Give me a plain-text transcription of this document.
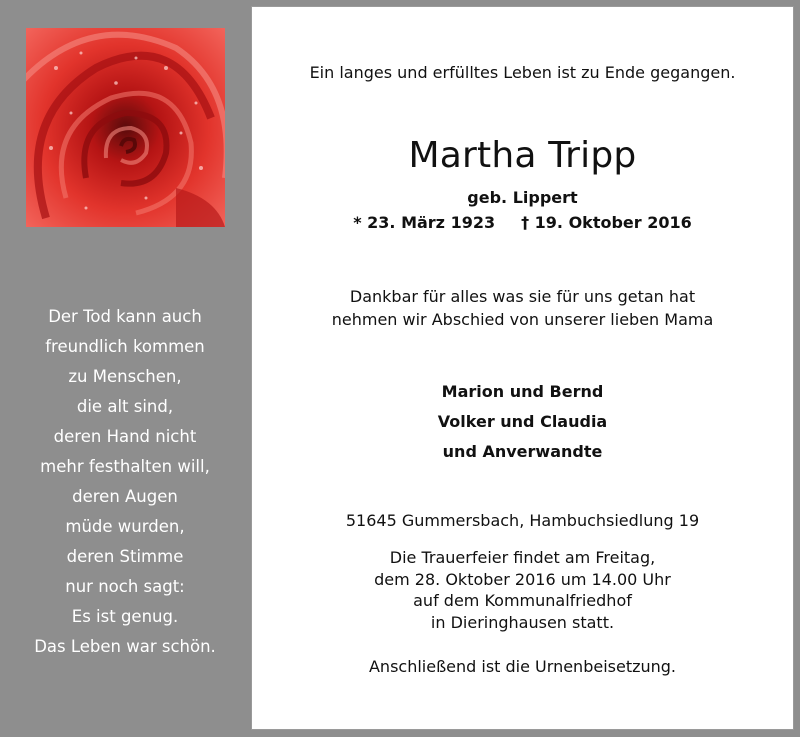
Der Tod kann auch
freundlich kommen
zu Menschen,
die alt sind,
deren Hand nicht
mehr festhalten will,
deren Augen
müde wurden,
deren Stimme
nur noch sagt:
Es ist genug.
Das Leben war schön.
Ein langes und erfülltes Leben ist zu Ende gegangen.
Martha Tripp
geb. Lippert
* 23. März 1923 † 19. Oktober 2016
Dankbar für alles was sie für uns getan hat
nehmen wir Abschied von unserer lieben Mama
Marion und Bernd
Volker und Claudia
und Anverwandte
51645 Gummersbach, Hambuchsiedlung 19
Die Trauerfeier findet am Freitag,
dem 28. Oktober 2016 um 14.00 Uhr
auf dem Kommunalfriedhof
in Dieringhausen statt.
Anschließend ist die Urnenbeisetzung.
